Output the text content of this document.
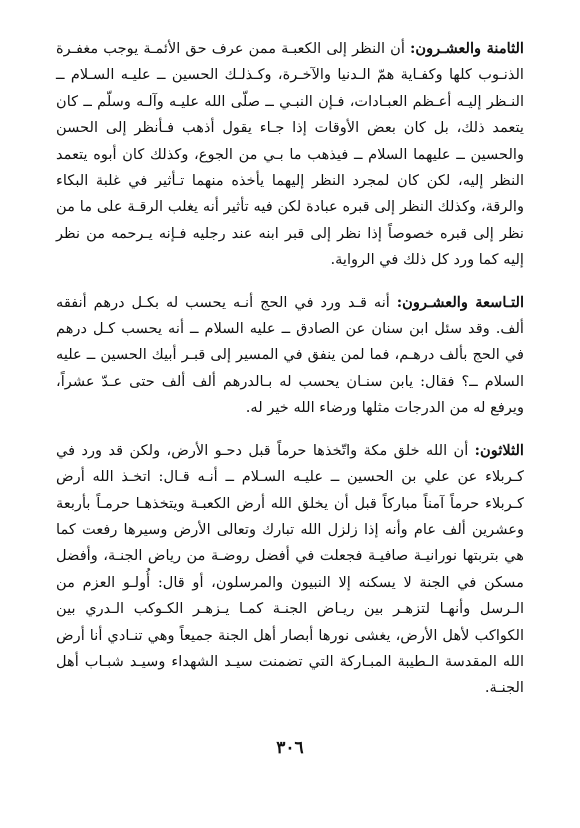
الثامنة والعشـرون: أن النظر إلى الكعبـة ممن عرف حق الأئمـة يوجب مغفـرة الذنـوب كلها وكفـاية همّ الـدنيا والآخـرة، وكـذلـك الحسين ــ عليـه السـلام ــ النـظر إليـه أعـظم العبـادات، فـإن النبـي ــ صلّى الله عليـه وآلـه وسلّم ــ كان يتعمد ذلك، بل كان بعض الأوقات إذا جـاء يقول أذهب فـأنظر إلى الحسن والحسين ــ عليهما السلام ــ فيذهب ما بـي من الجوع، وكذلك كان أبوه يتعمد النظر إليه، لكن كان لمجرد النظر إليهما يأخذه منهما تـأثير في غلبة البكاء والرقة، وكذلك النظر إلى قبره عبادة لكن فيه تأثير أنه يغلب الرقـة على ما من نظر إلى قبره خصوصاً إذا نظر إلى قبر ابنه عند رجليه فـإنه يـرحمه من نظر إليه كما ورد كل ذلك في الرواية.

التـاسعة والعشـرون: أنه قـد ورد في الحج أنـه يحسب له بكـل درهم أنفقه ألف. وقد سئل ابن سنان عن الصادق ــ عليه السلام ــ أنه يحسب كـل درهم في الحج بألف درهـم، فما لمن ينفق في المسير إلى قبـر أبيك الحسين ــ عليه السلام ــ؟ فقال: يابن سنـان يحسب له بـالدرهم ألف ألف حتى عـدّ عشراً، ويرفع له من الدرجات مثلها ورضاء الله خير له.

الثلاثون: أن الله خلق مكة واتّخذها حرماً قبل دحـو الأرض، ولكن قد ورد في كـربلاء عن علي بن الحسين ــ عليـه السـلام ــ أنـه قـال: اتخـذ الله أرض كـربلاء حرماً آمناً مباركاً قبل أن يخلق الله أرض الكعبـة ويتخذهـا حرمـاً بأربعة وعشرين ألف عام وأنه إذا زلزل الله تبارك وتعالى الأرض وسيرها رفعت كما هي بتربتها نورانيـة صافيـة فجعلت في أفضل روضـة من رياض الجنـة، وأفضل مسكن في الجنة لا يسكنه إلا النبيون والمرسلون، أو قال: أُولـو العزم من الـرسل وأنهـا لتزهـر بين ريـاض الجنـة كمـا يـزهـر الكـوكب الـدري بين الكواكب لأهل الأرض، يغشى نورها أبصار أهل الجنة جميعاً وهي تنـادي أنا أرض الله المقدسة الـطيبة المبـاركة التي تضمنت سيـد الشهداء وسيـد شبـاب أهل الجنـة.

٣٠٦
